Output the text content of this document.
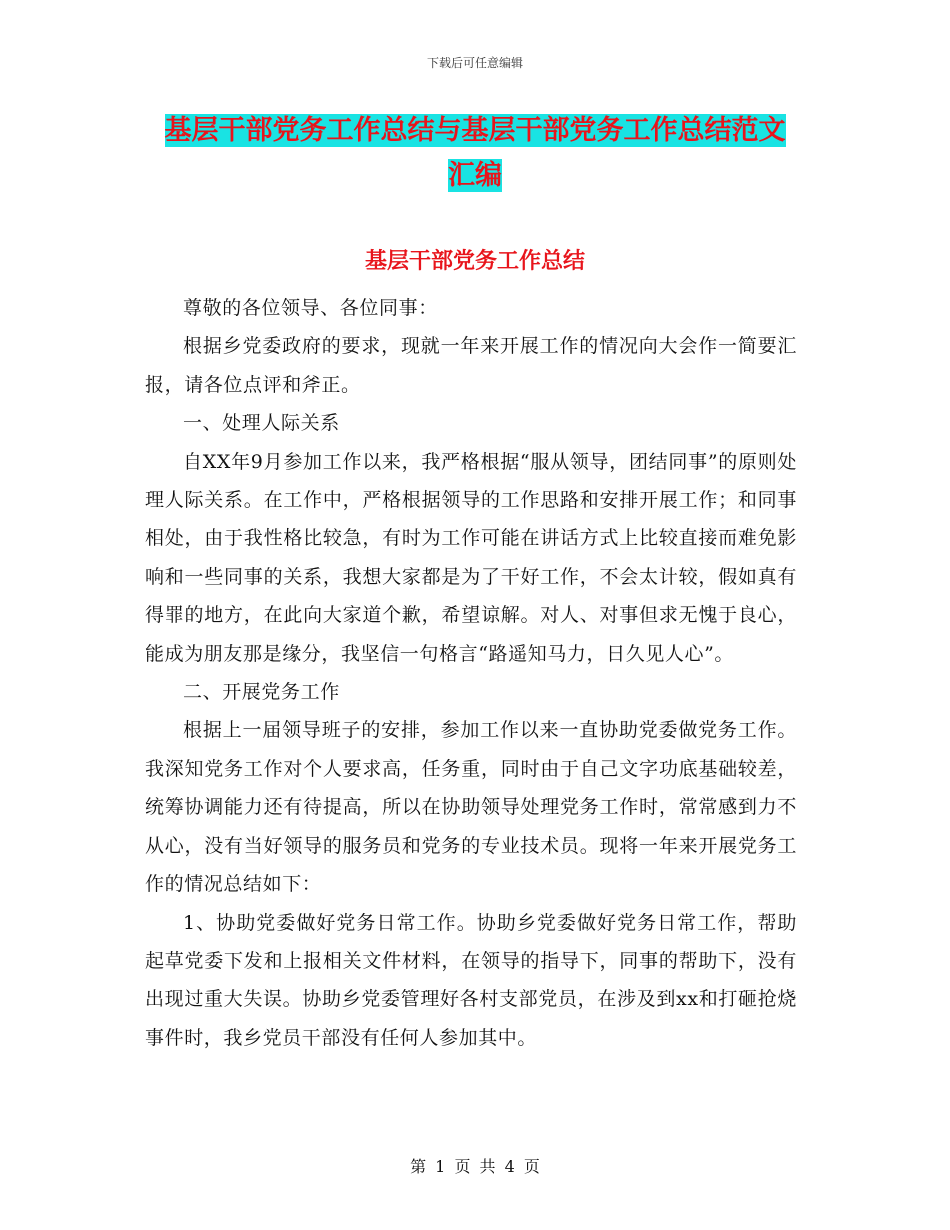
下载后可任意编辑
基层干部党务工作总结与基层干部党务工作总结范文
汇编
基层干部党务工作总结

尊敬的各位领导、各位同事：

根据乡党委政府的要求，现就一年来开展工作的情况向大会作一简要汇报，请各位点评和斧正。

一、处理人际关系

自XX年9月参加工作以来，我严格根据“服从领导，团结同事”的原则处理人际关系。在工作中，严格根据领导的工作思路和安排开展工作；和同事相处，由于我性格比较急，有时为工作可能在讲话方式上比较直接而难免影响和一些同事的关系，我想大家都是为了干好工作，不会太计较，假如真有得罪的地方，在此向大家道个歉，希望谅解。对人、对事但求无愧于良心，能成为朋友那是缘分，我坚信一句格言“路遥知马力，日久见人心”。

二、开展党务工作

根据上一届领导班子的安排，参加工作以来一直协助党委做党务工作。我深知党务工作对个人要求高，任务重，同时由于自己文字功底基础较差，统筹协调能力还有待提高，所以在协助领导处理党务工作时，常常感到力不从心，没有当好领导的服务员和党务的专业技术员。现将一年来开展党务工作的情况总结如下：

1、协助党委做好党务日常工作。协助乡党委做好党务日常工作，帮助起草党委下发和上报相关文件材料，在领导的指导下，同事的帮助下，没有出现过重大失误。协助乡党委管理好各村支部党员，在涉及到xx和打砸抢烧事件时，我乡党员干部没有任何人参加其中。

第 1 页 共 4 页
